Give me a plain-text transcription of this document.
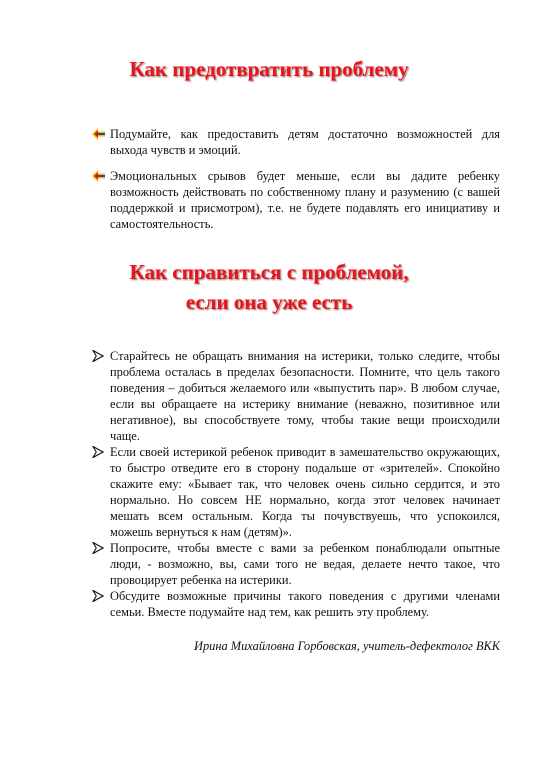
Как предотвратить проблему
Подумайте, как предоставить детям достаточно возможностей для выхода чувств и эмоций.
Эмоциональных срывов будет меньше, если вы дадите ребенку возможность действовать по собственному плану и разумению (с вашей поддержкой и присмотром), т.е. не будете подавлять его инициативу и самостоятельность.
Как справиться с проблемой,
если она уже есть
Старайтесь не обращать внимания на истерики, только следите, чтобы проблема осталась в пределах безопасности. Помните, что цель такого поведения – добиться желаемого или «выпустить пар». В любом случае, если вы обращаете на истерику внимание (неважно, позитивное или негативное), вы способствуете тому, чтобы такие вещи происходили чаще.
Если своей истерикой ребенок приводит в замешательство окружающих, то быстро отведите его в сторону подальше от «зрителей». Спокойно скажите ему: «Бывает так, что человек очень сильно сердится, и это нормально. Но совсем НЕ нормально, когда этот человек начинает мешать всем остальным. Когда ты почувствуешь, что успокоился, можешь вернуться к нам (детям)».
Попросите, чтобы вместе с вами за ребенком понаблюдали опытные люди, - возможно, вы, сами того не ведая, делаете нечто такое, что провоцирует ребенка на истерики.
Обсудите возможные причины такого поведения с другими членами семьи. Вместе подумайте над тем, как решить эту проблему.
Ирина Михайловна Горбовская, учитель-дефектолог ВКК
